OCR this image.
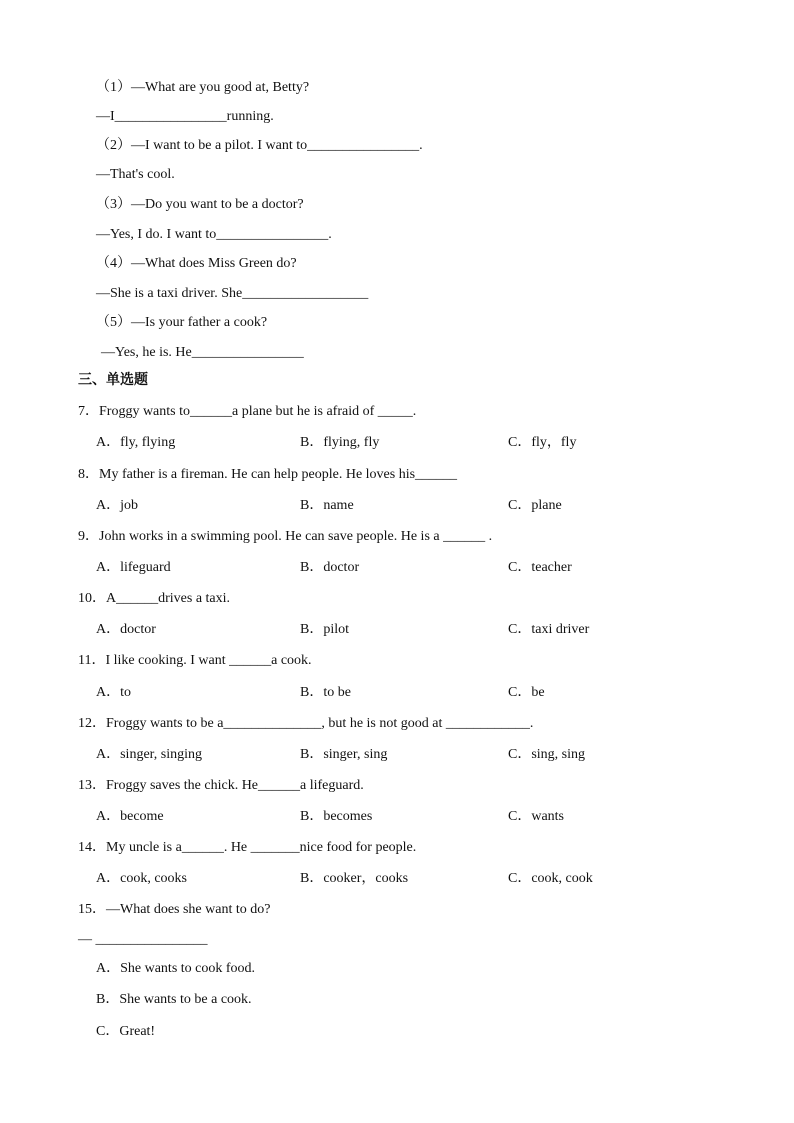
（1）—What are you good at, Betty?
—I________________running.
（2）—I want to be a pilot. I want to________________.
—That's cool.
（3）—Do you want to be a doctor?
—Yes, I do. I want to________________.
（4）—What does Miss Green do?
—She is a taxi driver. She__________________
（5）—Is your father a cook?
—Yes, he is. He________________
三、单选题
7．Froggy wants to______a plane but he is afraid of _____.
A．fly, flying	B．flying, fly	C．fly，fly
8．My father is a fireman. He can help people. He loves his______
A．job	B．name	C．plane
9．John works in a swimming pool. He can save people. He is a ______ .
A．lifeguard	B．doctor	C．teacher
10．A______drives a taxi.
A．doctor	B．pilot	C．taxi driver
11．I like cooking. I want ______a cook.
A．to	B．to be	C．be
12．Froggy wants to be a______________, but he is not good at ____________.
A．singer, singing	B．singer, sing	C．sing, sing
13．Froggy saves the chick. He______a lifeguard.
A．become	B．becomes	C．wants
14．My uncle is a______. He _______nice food for people.
A．cook, cooks	B．cooker，cooks	C．cook, cook
15．—What does she want to do?
— ________________
A．She wants to cook food.
B．She wants to be a cook.
C．Great!
